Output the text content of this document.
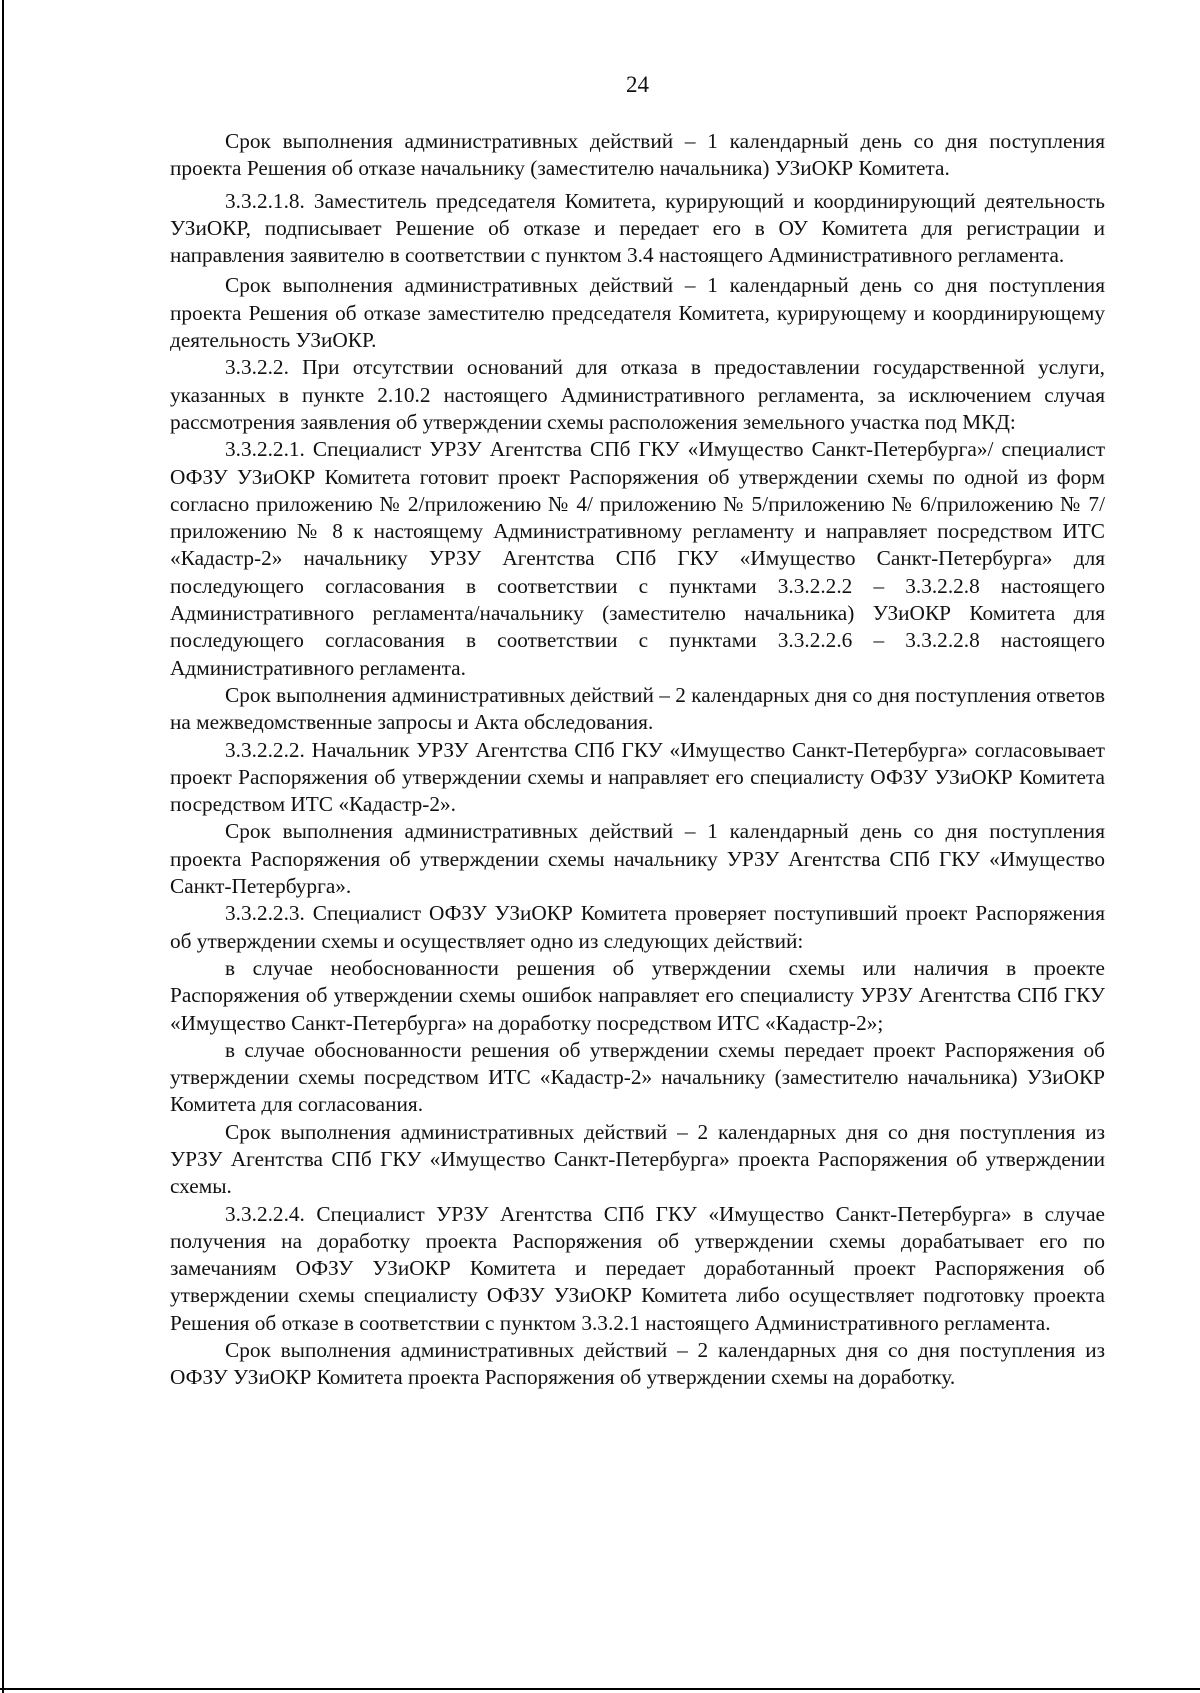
24

Срок выполнения административных действий – 1 календарный день со дня поступления проекта Решения об отказе начальнику (заместителю начальника) УЗиОКР Комитета.

3.3.2.1.8. Заместитель председателя Комитета, курирующий и координирующий деятельность УЗиОКР, подписывает Решение об отказе и передает его в ОУ Комитета для регистрации и направления заявителю в соответствии с пунктом 3.4 настоящего Административного регламента.

Срок выполнения административных действий – 1 календарный день со дня поступления проекта Решения об отказе заместителю председателя Комитета, курирующему и координирующему деятельность УЗиОКР.

3.3.2.2. При отсутствии оснований для отказа в предоставлении государственной услуги, указанных в пункте 2.10.2 настоящего Административного регламента, за исключением случая рассмотрения заявления об утверждении схемы расположения земельного участка под МКД:

3.3.2.2.1. Специалист УРЗУ Агентства СПб ГКУ «Имущество Санкт-Петербурга»/ специалист ОФЗУ УЗиОКР Комитета готовит проект Распоряжения об утверждении схемы по одной из форм согласно приложению № 2/приложению № 4/ приложению № 5/приложению № 6/приложению № 7/приложению № 8 к настоящему Административному регламенту и направляет посредством ИТС «Кадастр-2» начальнику УРЗУ Агентства СПб ГКУ «Имущество Санкт-Петербурга» для последующего согласования в соответствии с пунктами 3.3.2.2.2 – 3.3.2.2.8 настоящего Административного регламента/начальнику (заместителю начальника) УЗиОКР Комитета для последующего согласования в соответствии с пунктами 3.3.2.2.6 – 3.3.2.2.8 настоящего Административного регламента.

Срок выполнения административных действий – 2 календарных дня со дня поступления ответов на межведомственные запросы и Акта обследования.

3.3.2.2.2. Начальник УРЗУ Агентства СПб ГКУ «Имущество Санкт-Петербурга» согласовывает проект Распоряжения об утверждении схемы и направляет его специалисту ОФЗУ УЗиОКР Комитета посредством ИТС «Кадастр-2».

Срок выполнения административных действий – 1 календарный день со дня поступления проекта Распоряжения об утверждении схемы начальнику УРЗУ Агентства СПб ГКУ «Имущество Санкт-Петербурга».

3.3.2.2.3. Специалист ОФЗУ УЗиОКР Комитета проверяет поступивший проект Распоряжения об утверждении схемы и осуществляет одно из следующих действий:

в случае необоснованности решения об утверждении схемы или наличия в проекте Распоряжения об утверждении схемы ошибок направляет его специалисту УРЗУ Агентства СПб ГКУ «Имущество Санкт-Петербурга» на доработку посредством ИТС «Кадастр-2»;

в случае обоснованности решения об утверждении схемы передает проект Распоряжения об утверждении схемы посредством ИТС «Кадастр-2» начальнику (заместителю начальника) УЗиОКР Комитета для согласования.

Срок выполнения административных действий – 2 календарных дня со дня поступления из УРЗУ Агентства СПб ГКУ «Имущество Санкт-Петербурга» проекта Распоряжения об утверждении схемы.

3.3.2.2.4. Специалист УРЗУ Агентства СПб ГКУ «Имущество Санкт-Петербурга» в случае получения на доработку проекта Распоряжения об утверждении схемы дорабатывает его по замечаниям ОФЗУ УЗиОКР Комитета и передает доработанный проект Распоряжения об утверждении схемы специалисту ОФЗУ УЗиОКР Комитета либо осуществляет подготовку проекта Решения об отказе в соответствии с пунктом 3.3.2.1 настоящего Административного регламента.

Срок выполнения административных действий – 2 календарных дня со дня поступления из ОФЗУ УЗиОКР Комитета проекта Распоряжения об утверждении схемы на доработку.
